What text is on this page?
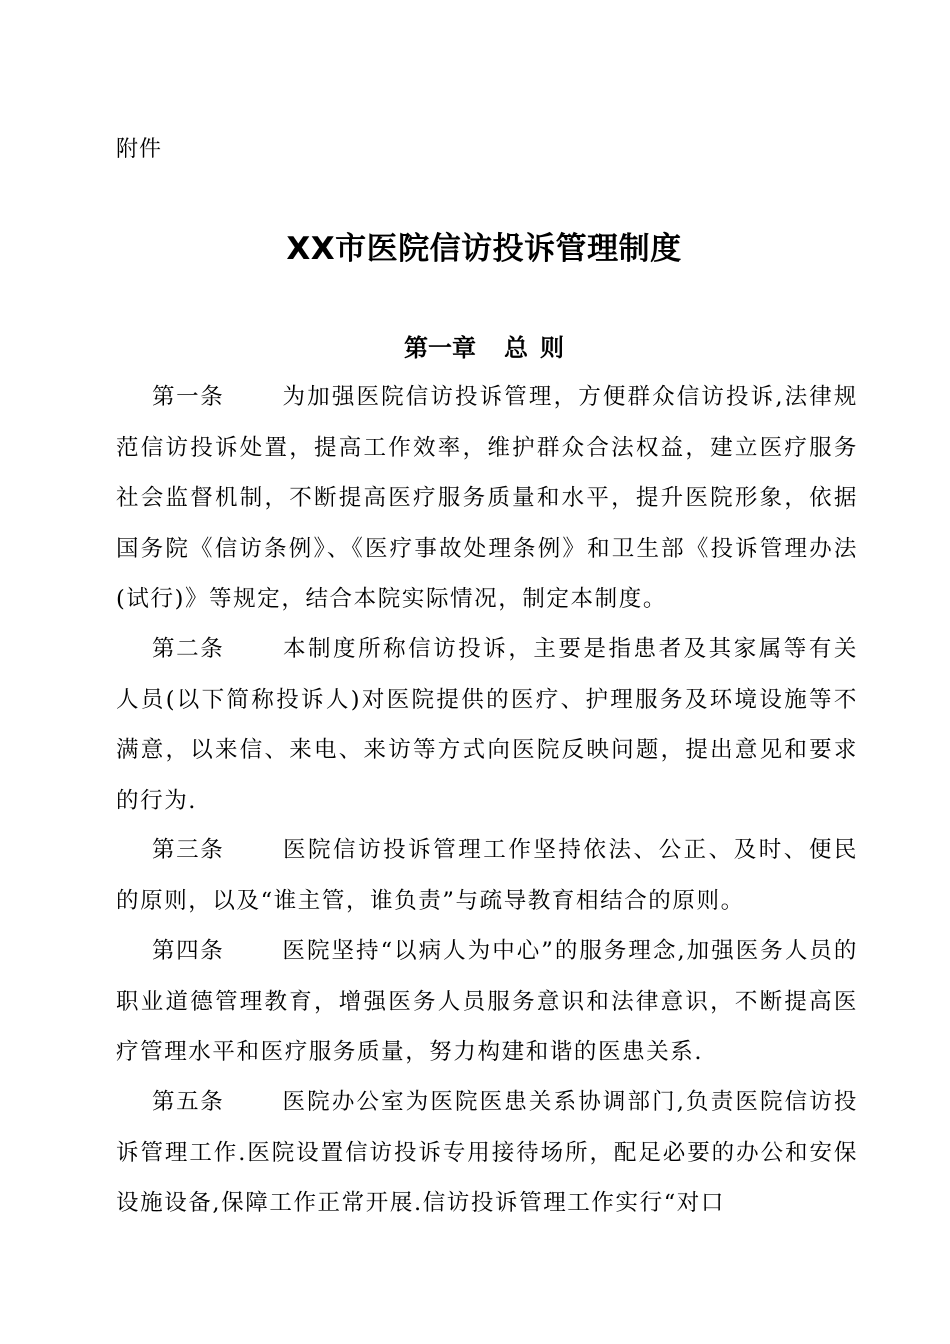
附件
XX市医院信访投诉管理制度
第一章 总 则

第一条	为加强医院信访投诉管理，方便群众信访投诉,法律规范信访投诉处置，提高工作效率，维护群众合法权益，建立医疗服务社会监督机制，不断提高医疗服务质量和水平，提升医院形象，依据国务院《信访条例》、《医疗事故处理条例》和卫生部《投诉管理办法(试行)》等规定，结合本院实际情况，制定本制度。

第二条	本制度所称信访投诉，主要是指患者及其家属等有关人员(以下简称投诉人)对医院提供的医疗、护理服务及环境设施等不满意，以来信、来电、来访等方式向医院反映问题，提出意见和要求的行为.

第三条	医院信访投诉管理工作坚持依法、公正、及时、便民的原则，以及“谁主管，谁负责”与疏导教育相结合的原则。

第四条	医院坚持“以病人为中心”的服务理念,加强医务人员的职业道德管理教育，增强医务人员服务意识和法律意识，不断提高医疗管理水平和医疗服务质量，努力构建和谐的医患关系.

第五条	医院办公室为医院医患关系协调部门,负责医院信访投诉管理工作.医院设置信访投诉专用接待场所，配足必要的办公和安保设施设备,保障工作正常开展.信访投诉管理工作实行“对口
